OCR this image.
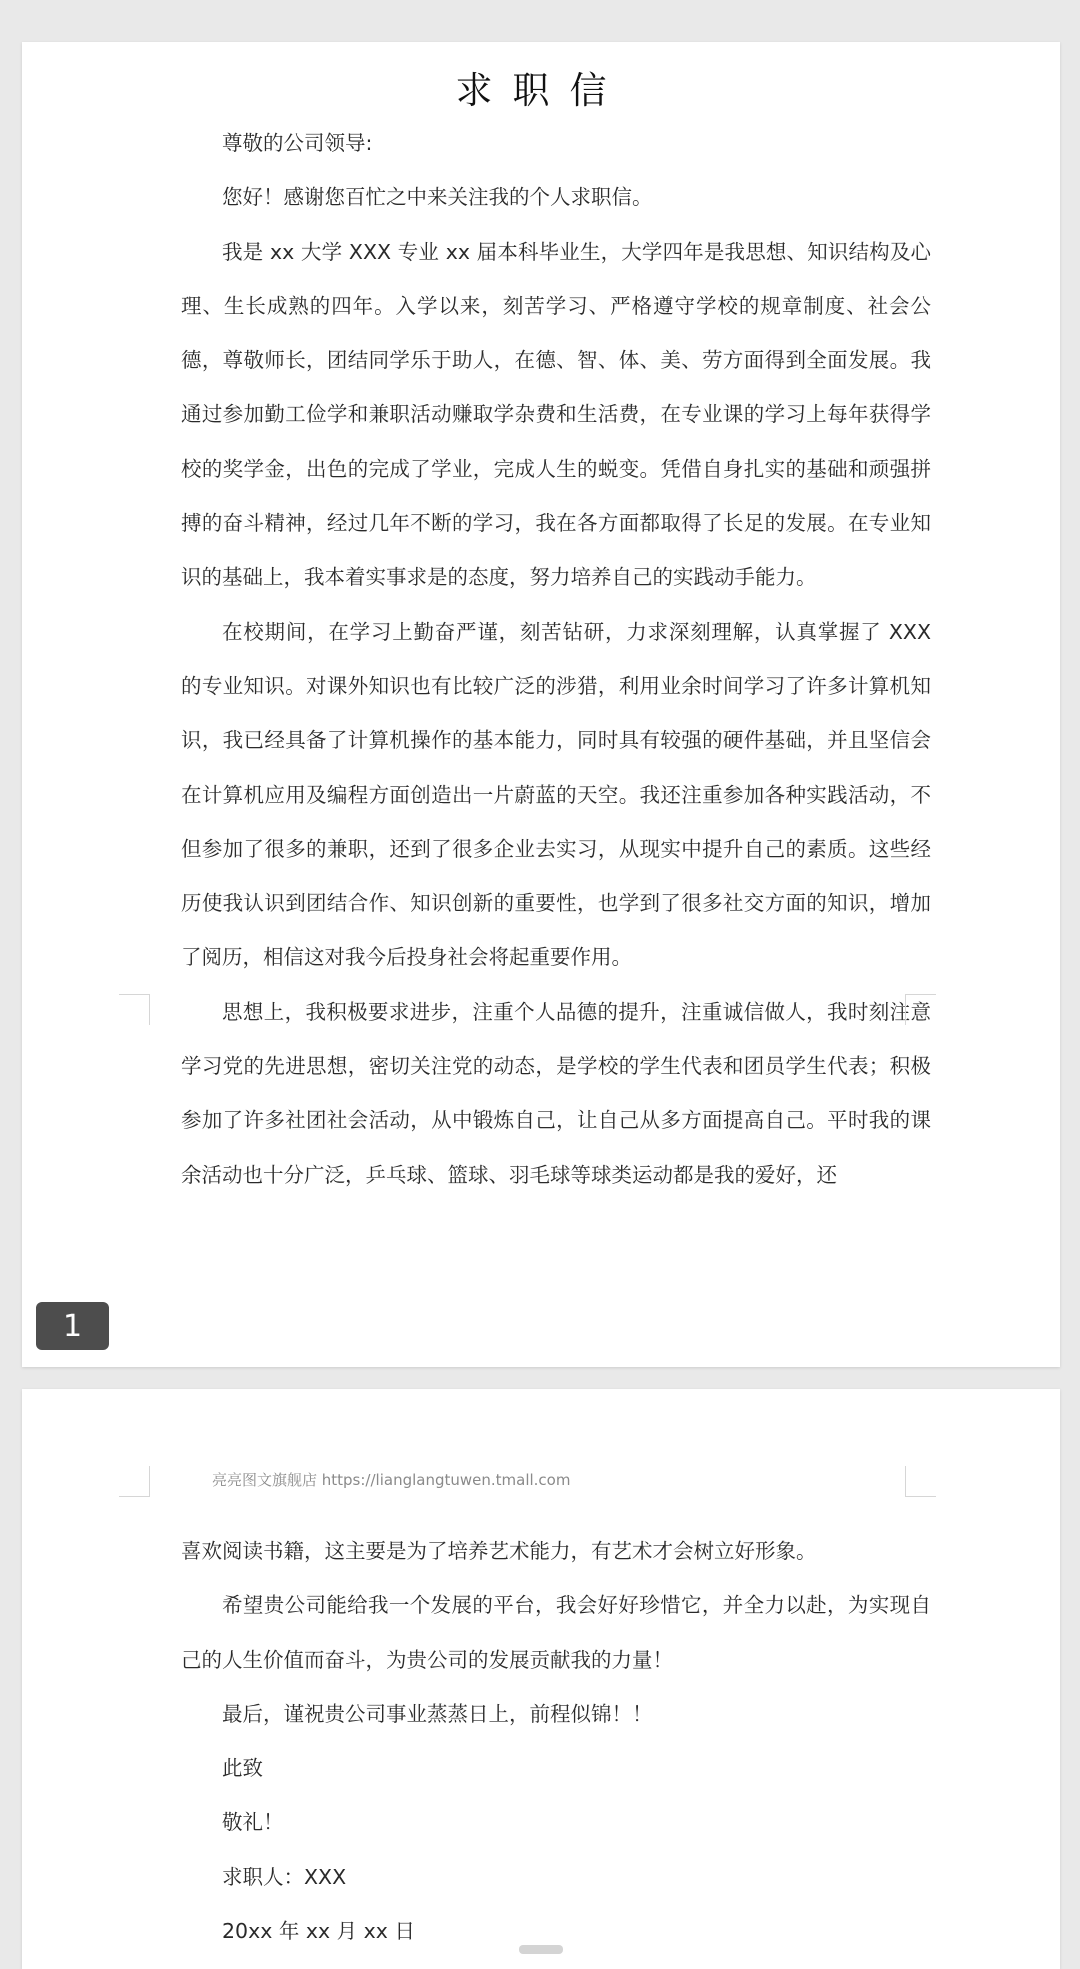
求职信

尊敬的公司领导:

您好！感谢您百忙之中来关注我的个人求职信。

我是 xx 大学 XXX 专业 xx 届本科毕业生，大学四年是我思想、知识结构及心理、生长成熟的四年。入学以来，刻苦学习、严格遵守学校的规章制度、社会公德，尊敬师长，团结同学乐于助人，在德、智、体、美、劳方面得到全面发展。我通过参加勤工俭学和兼职活动赚取学杂费和生活费，在专业课的学习上每年获得学校的奖学金，出色的完成了学业，完成人生的蜕变。凭借自身扎实的基础和顽强拼搏的奋斗精神，经过几年不断的学习，我在各方面都取得了长足的发展。在专业知识的基础上，我本着实事求是的态度，努力培养自己的实践动手能力。

在校期间，在学习上勤奋严谨，刻苦钻研，力求深刻理解，认真掌握了 XXX 的专业知识。对课外知识也有比较广泛的涉猎，利用业余时间学习了许多计算机知识，我已经具备了计算机操作的基本能力，同时具有较强的硬件基础，并且坚信会在计算机应用及编程方面创造出一片蔚蓝的天空。我还注重参加各种实践活动，不但参加了很多的兼职，还到了很多企业去实习，从现实中提升自己的素质。这些经历使我认识到团结合作、知识创新的重要性，也学到了很多社交方面的知识，增加了阅历，相信这对我今后投身社会将起重要作用。

思想上，我积极要求进步，注重个人品德的提升，注重诚信做人，我时刻注意学习党的先进思想，密切关注党的动态，是学校的学生代表和团员学生代表；积极参加了许多社团社会活动，从中锻炼自己，让自己从多方面提高自己。平时我的课余活动也十分广泛，乒乓球、篮球、羽毛球等球类运动都是我的爱好，还

1
亮亮图文旗舰店 https://lianglangtuwen.tmall.com

喜欢阅读书籍，这主要是为了培养艺术能力，有艺术才会树立好形象。

希望贵公司能给我一个发展的平台，我会好好珍惜它，并全力以赴，为实现自己的人生价值而奋斗，为贵公司的发展贡献我的力量！

最后，谨祝贵公司事业蒸蒸日上，前程似锦！！

此致

敬礼！

求职人：XXX

20xx 年 xx 月 xx 日
